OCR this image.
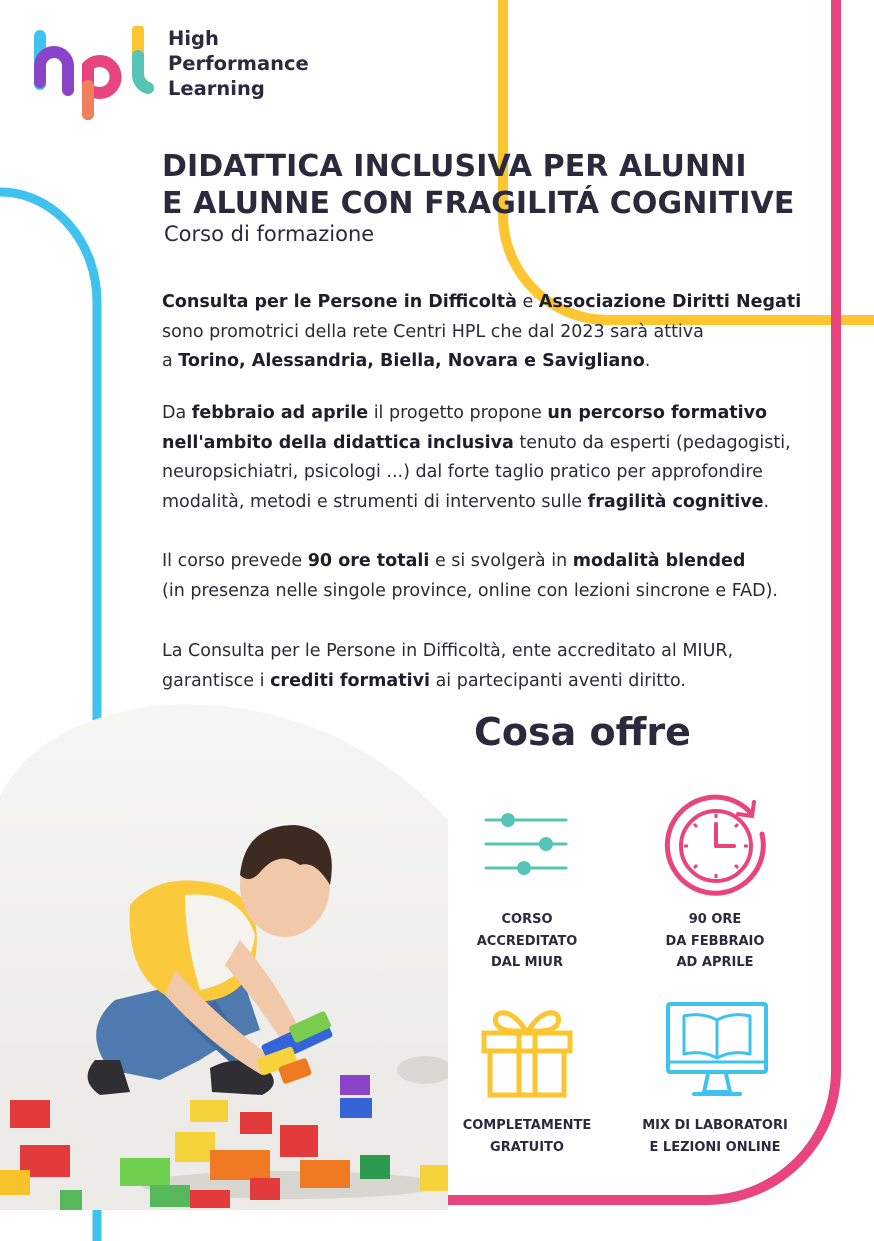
High
Performance
Learning
DIDATTICA INCLUSIVA PER ALUNNI
E ALUNNE CON FRAGILITÁ COGNITIVE
Corso di formazione

Consulta per le Persone in Difficoltà e Associazione Diritti Negati
sono promotrici della rete Centri HPL che dal 2023 sarà attiva
a Torino, Alessandria, Biella, Novara e Savigliano.

Da febbraio ad aprile il progetto propone un percorso formativo
nell'ambito della didattica inclusiva tenuto da esperti (pedagogisti,
neuropsichiatri, psicologi ...) dal forte taglio pratico per approfondire
modalità, metodi e strumenti di intervento sulle fragilità cognitive.

Il corso prevede 90 ore totali e si svolgerà in modalità blended
(in presenza nelle singole province, online con lezioni sincrone e FAD).

La Consulta per le Persone in Difficoltà, ente accreditato al MIUR,
garantisce i crediti formativi ai partecipanti aventi diritto.

Cosa offre
CORSO
ACCREDITATO
DAL MIUR
90 ORE
DA FEBBRAIO
AD APRILE
COMPLETAMENTE
GRATUITO
MIX DI LABORATORI
E LEZIONI ONLINE
